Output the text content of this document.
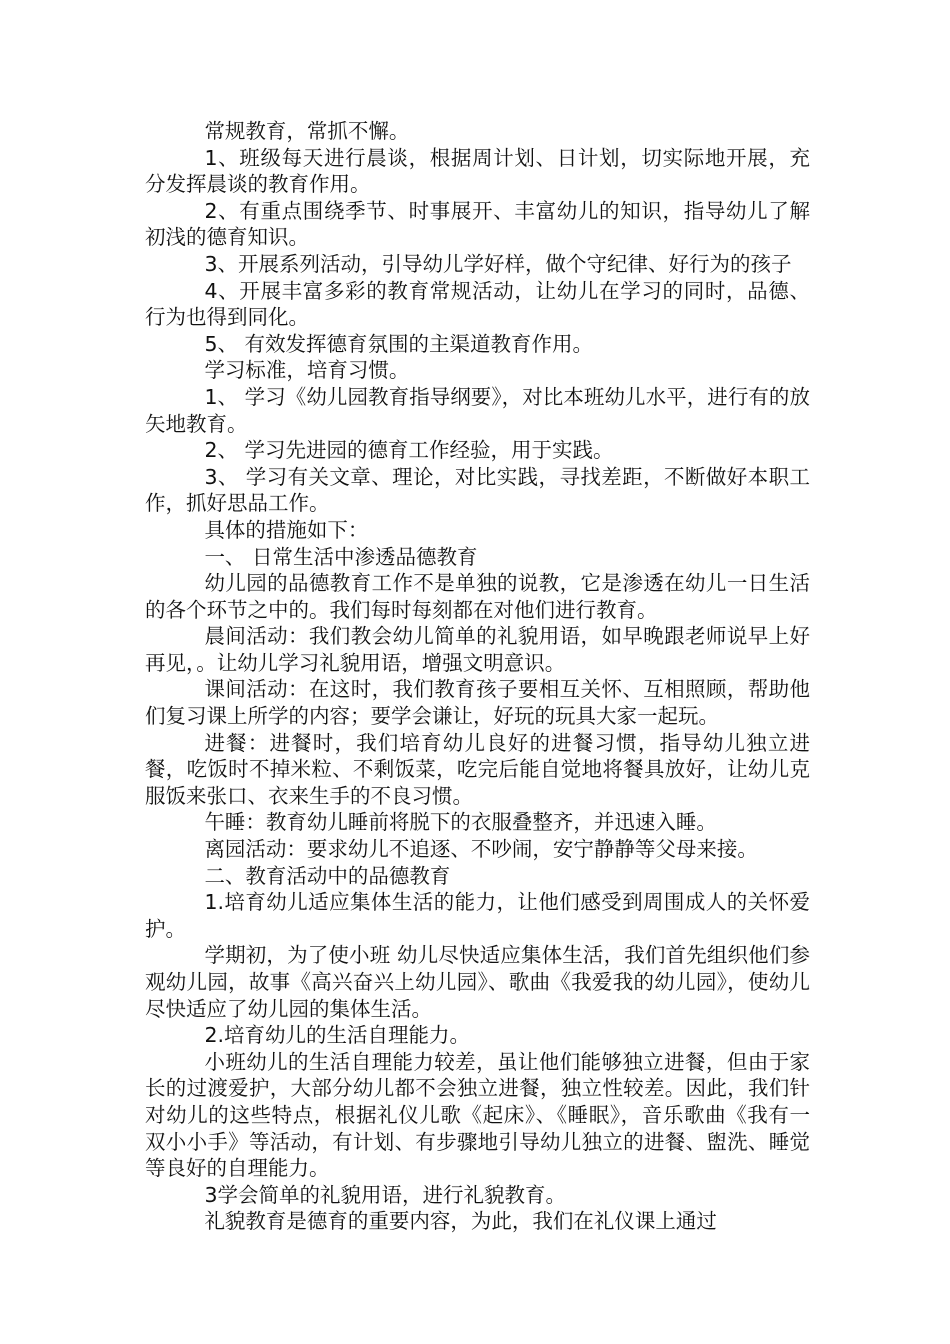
常规教育，常抓不懈。

1、班级每天进行晨谈，根据周计划、日计划，切实际地开展，充分发挥晨谈的教育作用。

2、有重点围绕季节、时事展开、丰富幼儿的知识，指导幼儿了解初浅的德育知识。

3、开展系列活动，引导幼儿学好样，做个守纪律、好行为的孩子

4、开展丰富多彩的教育常规活动，让幼儿在学习的同时，品德、行为也得到同化。

5、 有效发挥德育氛围的主渠道教育作用。

学习标准，培育习惯。

1、 学习《幼儿园教育指导纲要》，对比本班幼儿水平，进行有的放矢地教育。

2、 学习先进园的德育工作经验，用于实践。

3、 学习有关文章、理论，对比实践，寻找差距，不断做好本职工作，抓好思品工作。

具体的措施如下：

一、 日常生活中渗透品德教育

幼儿园的品德教育工作不是单独的说教，它是渗透在幼儿一日生活的各个环节之中的。我们每时每刻都在对他们进行教育。

晨间活动：我们教会幼儿简单的礼貌用语，如早晚跟老师说早上好再见，。让幼儿学习礼貌用语，增强文明意识。

课间活动：在这时，我们教育孩子要相互关怀、互相照顾，帮助他们复习课上所学的内容；要学会谦让，好玩的玩具大家一起玩。

进餐：进餐时，我们培育幼儿良好的进餐习惯，指导幼儿独立进餐，吃饭时不掉米粒、不剩饭菜，吃完后能自觉地将餐具放好，让幼儿克服饭来张口、衣来生手的不良习惯。

午睡：教育幼儿睡前将脱下的衣服叠整齐，并迅速入睡。

离园活动：要求幼儿不追逐、不吵闹，安宁静静等父母来接。

二、教育活动中的品德教育

1.培育幼儿适应集体生活的能力，让他们感受到周围成人的关怀爱护。

学期初，为了使小班 幼儿尽快适应集体生活，我们首先组织他们参观幼儿园，故事《高兴奋兴上幼儿园》、歌曲《我爱我的幼儿园》，使幼儿尽快适应了幼儿园的集体生活。

2.培育幼儿的生活自理能力。

小班幼儿的生活自理能力较差，虽让他们能够独立进餐，但由于家长的过渡爱护，大部分幼儿都不会独立进餐，独立性较差。因此，我们针对幼儿的这些特点，根据礼仪儿歌《起床》、《睡眠》，音乐歌曲《我有一双小小手》等活动，有计划、有步骤地引导幼儿独立的进餐、盥洗、睡觉等良好的自理能力。

3学会简单的礼貌用语，进行礼貌教育。

礼貌教育是德育的重要内容，为此，我们在礼仪课上通过
